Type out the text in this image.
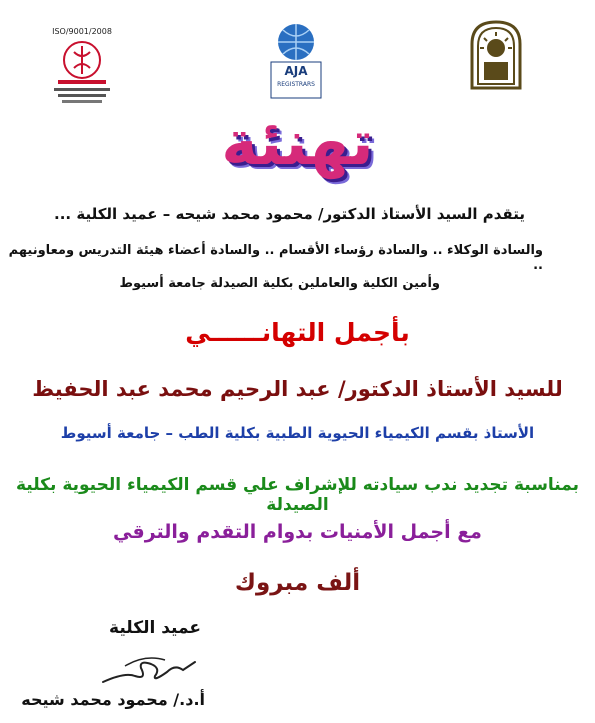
ISO/9001/2008
AJA
REGISTRARS
تهنئة
يتقدم السيد الأستاذ الدكتور/ محمود محمد شيحه – عميد الكلية ...
والسادة الوكلاء .. والسادة رؤساء الأقسام .. والسادة أعضاء هيئة التدريس ومعاونيهم ..
وأمين الكلية والعاملين بكلية الصيدلة جامعة أسيوط
بأجمل التهانــــــي
للسيد الأستاذ الدكتور/ عبد الرحيم محمد عبد الحفيظ
الأستاذ بقسم الكيمياء الحيوية الطبية بكلية الطب – جامعة أسيوط
بمناسبة تجديد ندب سيادته للإشراف علي قسم الكيمياء الحيوية بكلية الصيدلة
مع أجمل الأمنيات بدوام التقدم والترقي
ألف مبروك
عميد الكلية
أ.د./ محمود محمد شيحه
